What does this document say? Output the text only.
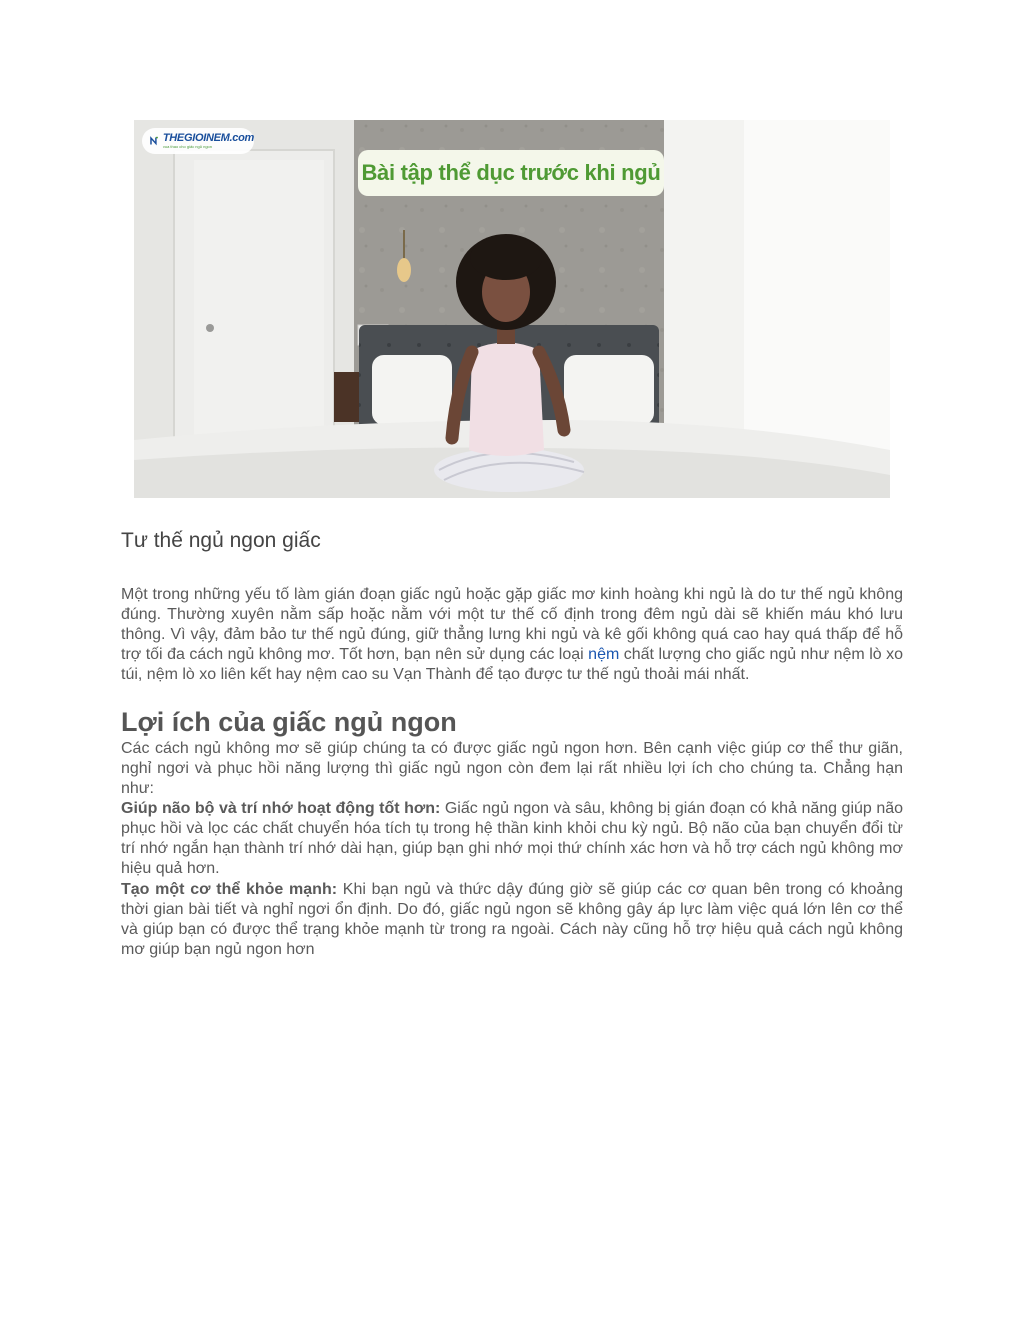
THEGIOINEM.com
vua thao cho giấc ngủ ngon
Bài tập thể dục trước khi ngủ
Tư thế ngủ ngon giấc

Một trong những yếu tố làm gián đoạn giấc ngủ hoặc gặp giấc mơ kinh hoàng khi ngủ là do tư thế ngủ không đúng. Thường xuyên nằm sấp hoặc nằm với một tư thế cố định trong đêm ngủ dài sẽ khiến máu khó lưu thông. Vì vậy, đảm bảo tư thế ngủ đúng, giữ thẳng lưng khi ngủ và kê gối không quá cao hay quá thấp để hỗ trợ tối đa cách ngủ không mơ. Tốt hơn, bạn nên sử dụng các loại nệm chất lượng cho giấc ngủ như nệm lò xo túi, nệm lò xo liên kết hay nệm cao su Vạn Thành để tạo được tư thế ngủ thoải mái nhất.

Lợi ích của giấc ngủ ngon

Các cách ngủ không mơ sẽ giúp chúng ta có được giấc ngủ ngon hơn. Bên cạnh việc giúp cơ thể thư giãn, nghỉ ngơi và phục hồi năng lượng thì giấc ngủ ngon còn đem lại rất nhiều lợi ích cho chúng ta. Chẳng hạn như:

Giúp não bộ và trí nhớ hoạt động tốt hơn: Giấc ngủ ngon và sâu, không bị gián đoạn có khả năng giúp não phục hồi và lọc các chất chuyển hóa tích tụ trong hệ thần kinh khỏi chu kỳ ngủ. Bộ não của bạn chuyển đổi từ trí nhớ ngắn hạn thành trí nhớ dài hạn, giúp bạn ghi nhớ mọi thứ chính xác hơn và hỗ trợ cách ngủ không mơ hiệu quả hơn.

Tạo một cơ thể khỏe mạnh: Khi bạn ngủ và thức dậy đúng giờ sẽ giúp các cơ quan bên trong có khoảng thời gian bài tiết và nghỉ ngơi ổn định. Do đó, giấc ngủ ngon sẽ không gây áp lực làm việc quá lớn lên cơ thể và giúp bạn có được thể trạng khỏe mạnh từ trong ra ngoài. Cách này cũng hỗ trợ hiệu quả cách ngủ không mơ giúp bạn ngủ ngon hơn
